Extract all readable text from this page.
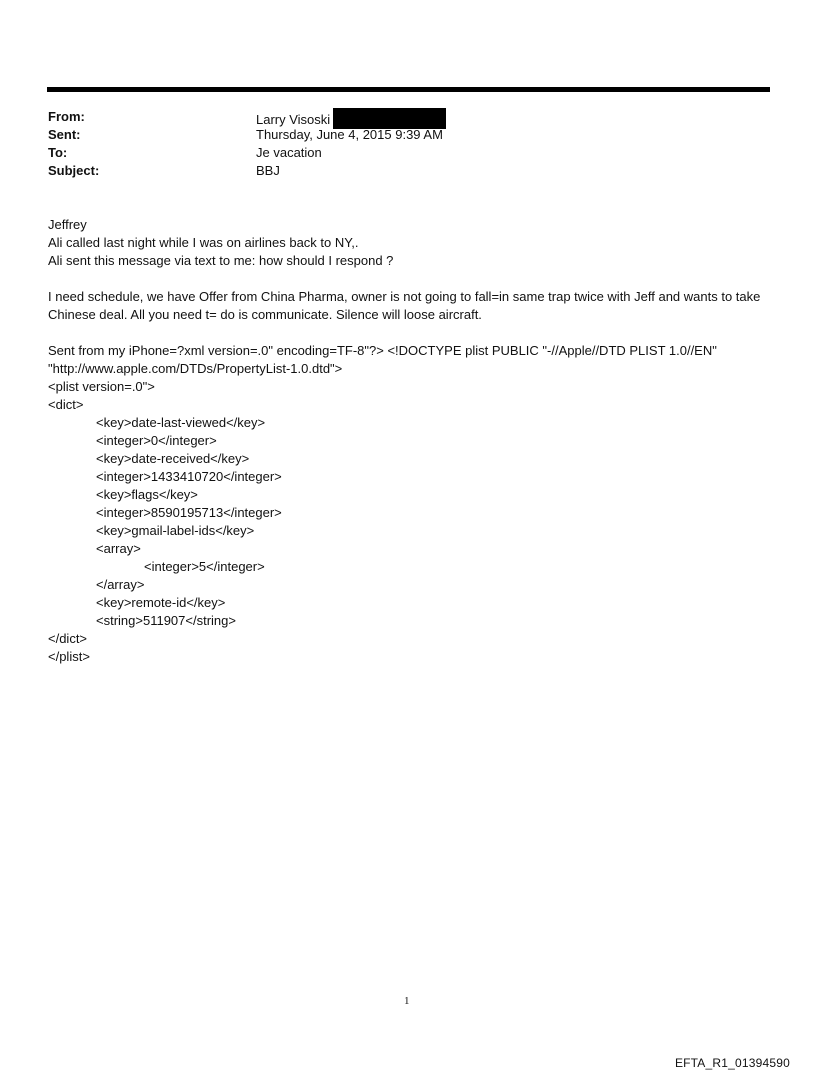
From:	Larry Visoski
Sent:	Thursday, June 4, 2015 9:39 AM
To:	Je vacation
Subject:	BBJ
Jeffrey
Ali called last night while I was on airlines back to NY,.
Ali sent this message via text to me: how should I respond ?

I need schedule, we have Offer from China Pharma, owner is not going to fall=in same trap twice with Jeff and wants to take Chinese deal. All you need t= do is communicate. Silence will loose aircraft.

Sent from my iPhone=?xml version=.0" encoding=TF-8"?> <!DOCTYPE plist PUBLIC "-//Apple//DTD PLIST 1.0//EN"
"http://www.apple.com/DTDs/PropertyList-1.0.dtd">
<plist version=.0">
<dict>
<key>date-last-viewed</key>
<integer>0</integer>
<key>date-received</key>
<integer>1433410720</integer>
<key>flags</key>
<integer>8590195713</integer>
<key>gmail-label-ids</key>
<array>
<integer>5</integer>
</array>
<key>remote-id</key>
<string>511907</string>
</dict>
</plist>
1
EFTA_R1_01394590
